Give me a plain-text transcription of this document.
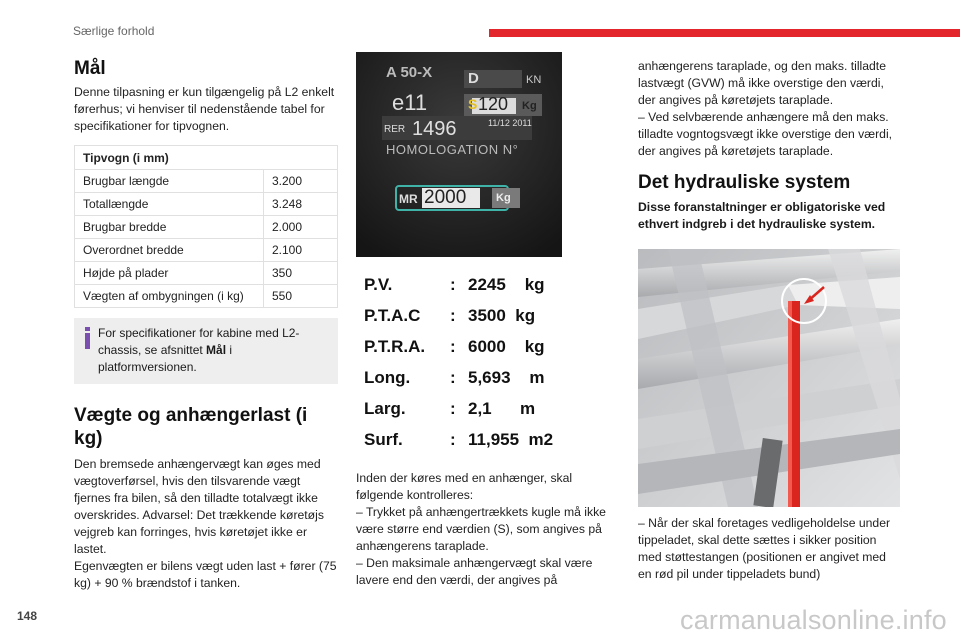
Særlige forhold
Mål

Denne tilpasning er kun tilgængelig på L2 enkelt førerhus; vi henviser til nedenstående tabel for specifikationer for tipvognen.

Tipvogn (i mm)	
Brugbar længde	3.200
Totallængde	3.248
Brugbar bredde	2.000
Overordnet bredde	2.100
Højde på plader	350
Vægten af ombygningen (i kg)	550
For specifikationer for kabine med L2-chassis, se afsnittet Mål i platformversionen.
Vægte og anhængerlast (i kg)

Den bremsede anhængervægt kan øges med vægtoverførsel, hvis den tilsvarende vægt fjernes fra bilen, så den tilladte totalvægt ikke overskrides. Advarsel: Det trækkende køretøjs vejgreb kan forringes, hvis køretøjet ikke er lastet.

Egenvægten er bilens vægt uden last + fører (75 kg) + 90 % brændstof i tanken.

A 50-X D	KN
e11	S 120 Kg
RER 1496	11/12 2011
HOMOLOGATION N°
MR 2000	Kg
P.V.	: 2245    kg
P.T.A.C	: 3500  kg
P.T.R.A.	: 6000    kg
Long.	: 5,693    m
Larg.	: 2,1      m
Surf.	: 11,955  m2

Inden der køres med en anhænger, skal følgende kontrolleres:

– Trykket på anhængertrækkets kugle må ikke være større end værdien (S), som angives på anhængerens taraplade.

– Den maksimale anhængervægt skal være lavere end den værdi, der angives på

anhængerens taraplade, og den maks. tilladte lastvægt (GVW) må ikke overstige den værdi, der angives på køretøjets taraplade.

– Ved selvbærende anhængere må den maks. tilladte vogntogsvægt ikke overstige den værdi, der angives på køretøjets taraplade.

Det hydrauliske system

Disse foranstaltninger er obligatoriske ved ethvert indgreb i det hydrauliske system.

– Når der skal foretages vedligeholdelse under tippeladet, skal dette sættes i sikker position med støttestangen (positionen er angivet med en rød pil under tippeladets bund)

148	carmanualsonline.info
